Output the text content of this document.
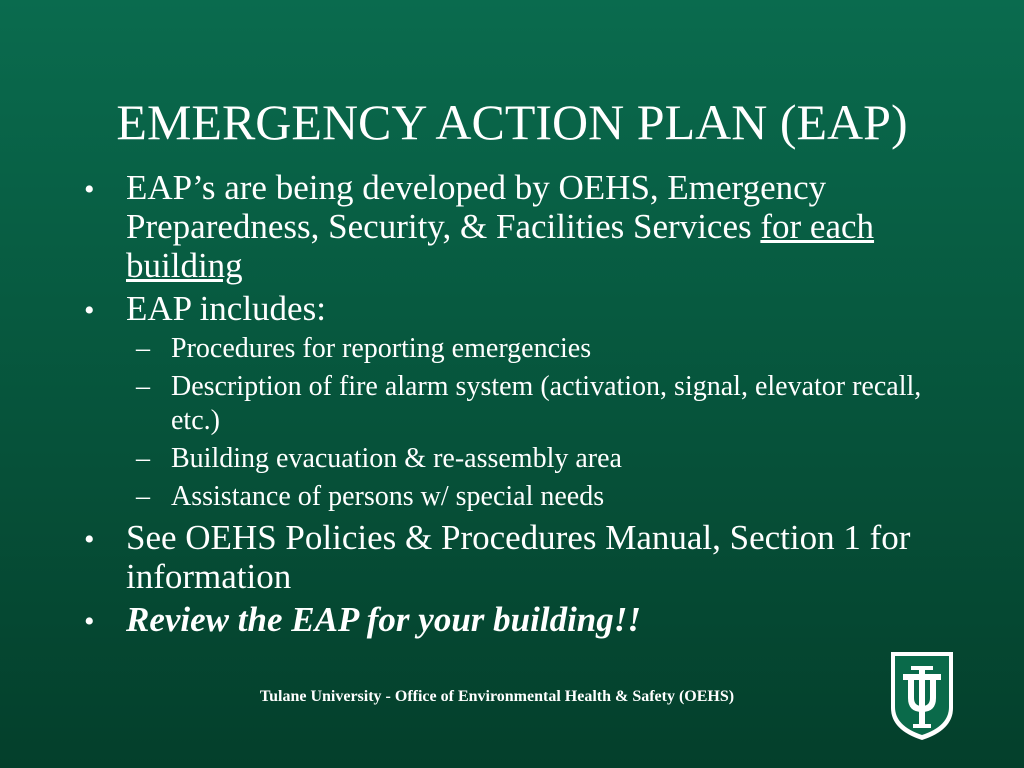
EMERGENCY ACTION PLAN (EAP)
• EAP’s are being developed by OEHS, Emergency Preparedness, Security, & Facilities Services for each building
• EAP includes:
– Procedures for reporting emergencies
– Description of fire alarm system (activation, signal, elevator recall, etc.)
– Building evacuation & re-assembly area
– Assistance of persons w/ special needs
• See OEHS Policies & Procedures Manual, Section 1 for information
• Review the EAP for your building!!
Tulane University - Office of Environmental Health & Safety (OEHS)
